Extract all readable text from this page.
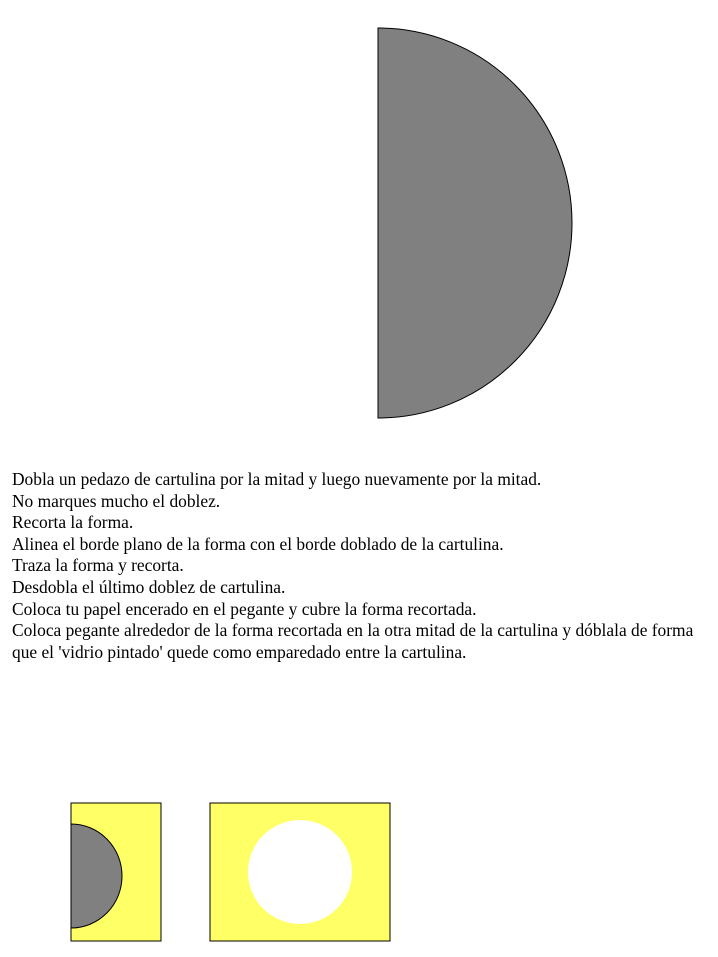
Dobla un pedazo de cartulina por la mitad y luego nuevamente por la mitad.
No marques mucho el doblez.
Recorta la forma.
Alinea el borde plano de la forma con el borde doblado de la cartulina.
Traza la forma y recorta.
Desdobla el último doblez de cartulina.
Coloca tu papel encerado en el pegante y cubre la forma recortada.
Coloca pegante alrededor de la forma recortada en la otra mitad de la cartulina y dóblala de forma que el 'vidrio pintado' quede como emparedado entre la cartulina.
